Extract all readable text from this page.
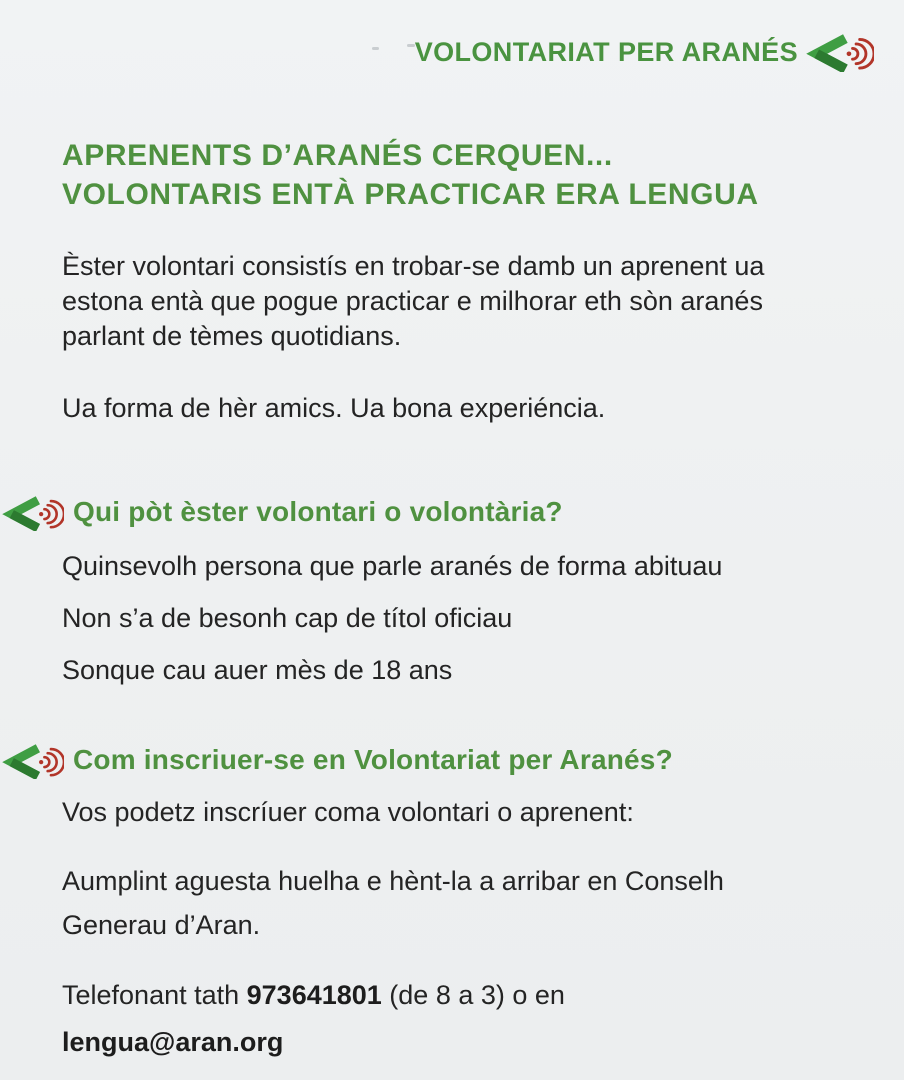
VOLONTARIAT PER ARANÉS
APRENENTS D’ARANÉS CERQUEN...
VOLONTARIS ENTÀ PRACTICAR ERA LENGUA
Èster volontari consistís en trobar-se damb un aprenent ua
estona entà que pogue practicar e milhorar eth sòn aranés
parlant de tèmes quotidians.
Ua forma de hèr amics. Ua bona experiéncia.
Qui pòt èster volontari o volontària?
Quinsevolh persona que parle aranés de forma abituau
Non s’a de besonh cap de títol oficiau
Sonque cau auer mès de 18 ans
Com inscriuer-se en Volontariat per Aranés?
Vos podetz inscríuer coma volontari o aprenent:
Aumplint aguesta huelha e hènt-la a arribar en Conselh
Generau d’Aran.
Telefonant tath 973641801 (de 8 a 3) o en
lengua@aran.org
